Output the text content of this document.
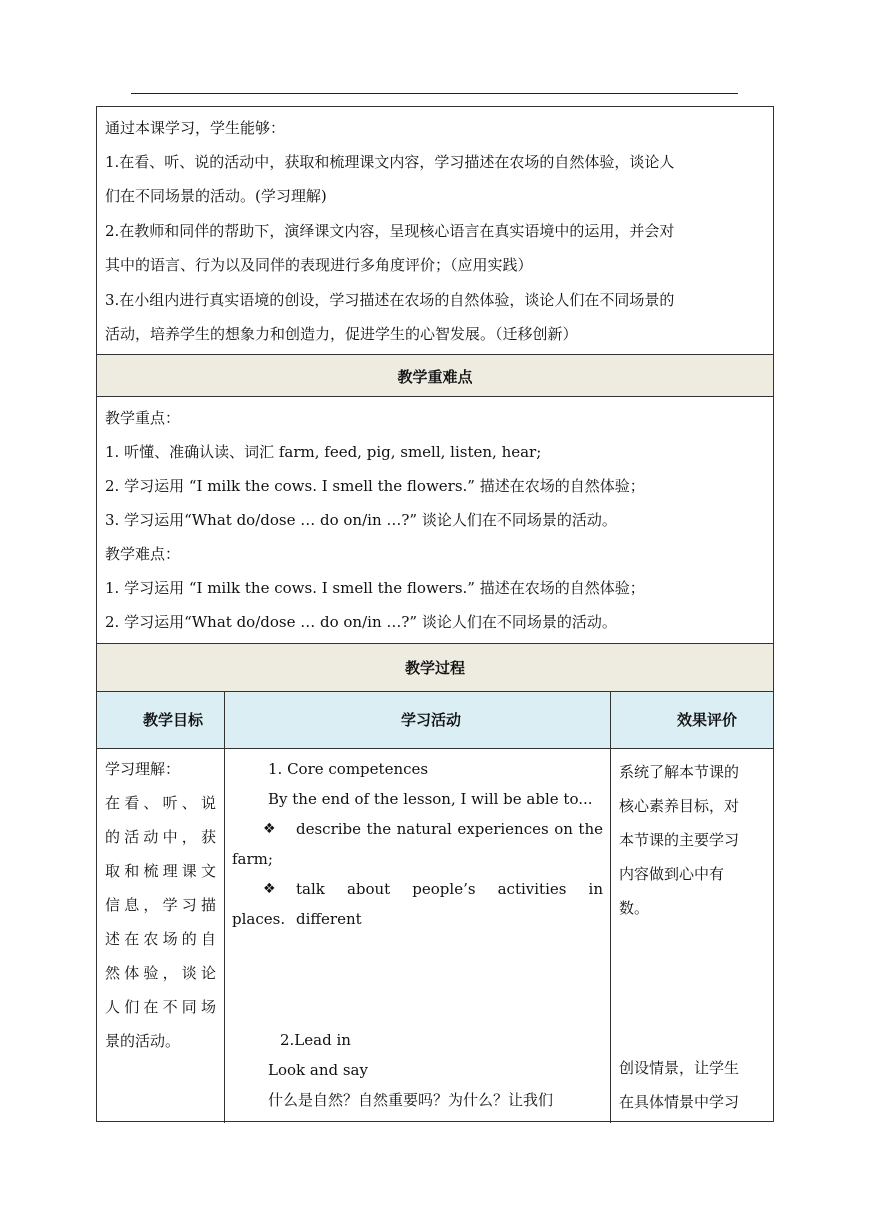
通过本课学习，学生能够：
1.在看、听、说的活动中，获取和梳理课文内容，学习描述在农场的自然体验，谈论人
们在不同场景的活动。(学习理解)
2.在教师和同伴的帮助下，演绎课文内容，呈现核心语言在真实语境中的运用，并会对
其中的语言、行为以及同伴的表现进行多角度评价；（应用实践）
3.在小组内进行真实语境的创设，学习描述在农场的自然体验，谈论人们在不同场景的
活动，培养学生的想象力和创造力，促进学生的心智发展。（迁移创新）
教学重难点
教学重点：
1. 听懂、准确认读、词汇 farm, feed, pig, smell, listen, hear;
2. 学习运用 “I milk the cows. I smell the flowers.” 描述在农场的自然体验；
3. 学习运用“What do/dose … do on/in …?” 谈论人们在不同场景的活动。
教学难点：
1. 学习运用 “I milk the cows. I smell the flowers.” 描述在农场的自然体验；
2. 学习运用“What do/dose … do on/in …?” 谈论人们在不同场景的活动。
教学过程
教学目标	学习活动	效果评价
学习理解：
在看、听、说
的活动中，获
取和梳理课文
信息，学习描
述在农场的自
然体验，谈论
人们在不同场
景的活动。
1. Core competences
By the end of the lesson, I will be able to...
❖ describe the natural experiences on the
farm;
❖ talk about people’s activities in different
places.
2.Lead in
Look and say
什么是自然？自然重要吗？为什么？让我们
系统了解本节课的
核心素养目标，对
本节课的主要学习
内容做到心中有
数。
创设情景，让学生
在具体情景中学习
